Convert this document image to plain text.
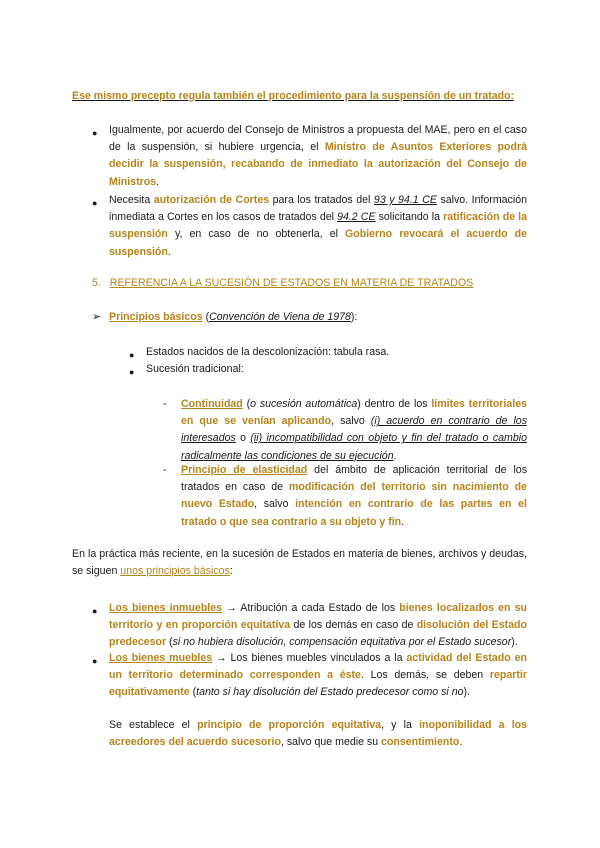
Ese mismo precepto regula también el procedimiento para la suspensión de un tratado:
● Igualmente, por acuerdo del Consejo de Ministros a propuesta del MAE, pero en el caso de la suspensión, si hubiere urgencia, el Ministro de Asuntos Exteriores podrá decidir la suspensión, recabando de inmediato la autorización del Consejo de Ministros.
● Necesita autorización de Cortes para los tratados del 93 y 94.1 CE salvo. Información inmediata a Cortes en los casos de tratados del 94.2 CE solicitando la ratificación de la suspensión y, en caso de no obtenerla, el Gobierno revocará el acuerdo de suspensión.
5. REFERENCIA A LA SUCESIÓN DE ESTADOS EN MATERIA DE TRATADOS
➢ Principios básicos (Convención de Viena de 1978):
● Estados nacidos de la descolonización: tabula rasa.
● Sucesión tradicional:
- Continuidad (o sucesión automática) dentro de los límites territoriales en que se venían aplicando, salvo (i) acuerdo en contrario de los interesados o (ii) incompatibilidad con objeto y fin del tratado o cambio radicalmente las condiciones de su ejecución.
- Principio de elasticidad del ámbito de aplicación territorial de los tratados en caso de modificación del territorio sin nacimiento de nuevo Estado, salvo intención en contrario de las partes en el tratado o que sea contrario a su objeto y fin.
En la práctica más reciente, en la sucesión de Estados en materia de bienes, archivos y deudas, se siguen unos principios básicos:
● Los bienes inmuebles → Atribución a cada Estado de los bienes localizados en su territorio y en proporción equitativa de los demás en caso de disolución del Estado predecesor (si no hubiera disolución, compensación equitativa por el Estado sucesor).
● Los bienes muebles → Los bienes muebles vinculados a la actividad del Estado en un territorio determinado corresponden a éste. Los demás, se deben repartir equitativamente (tanto si hay disolución del Estado predecesor como si no).
Se establece el principio de proporción equitativa, y la inoponibilidad a los acreedores del acuerdo sucesorio, salvo que medie su consentimiento.
